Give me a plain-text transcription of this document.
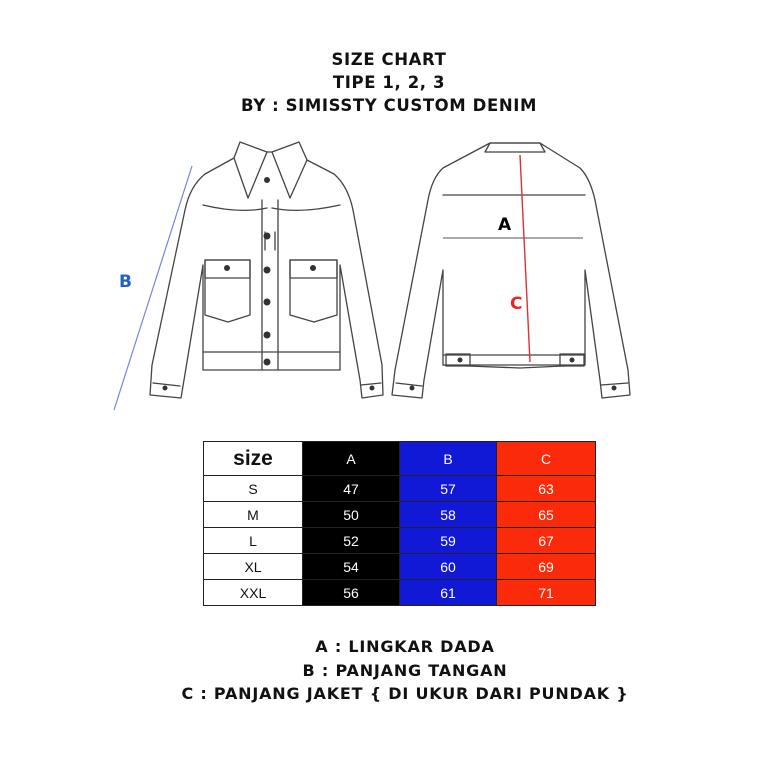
SIZE CHART
TIPE 1, 2, 3
BY : SIMISSTY CUSTOM DENIM
A
B
C
size	A	B	C
S	47	57	63
M	50	58	65
L	52	59	67
XL	54	60	69
XXL	56	61	71
A : LINGKAR DADA
B : PANJANG TANGAN
C : PANJANG JAKET { DI UKUR DARI PUNDAK }
